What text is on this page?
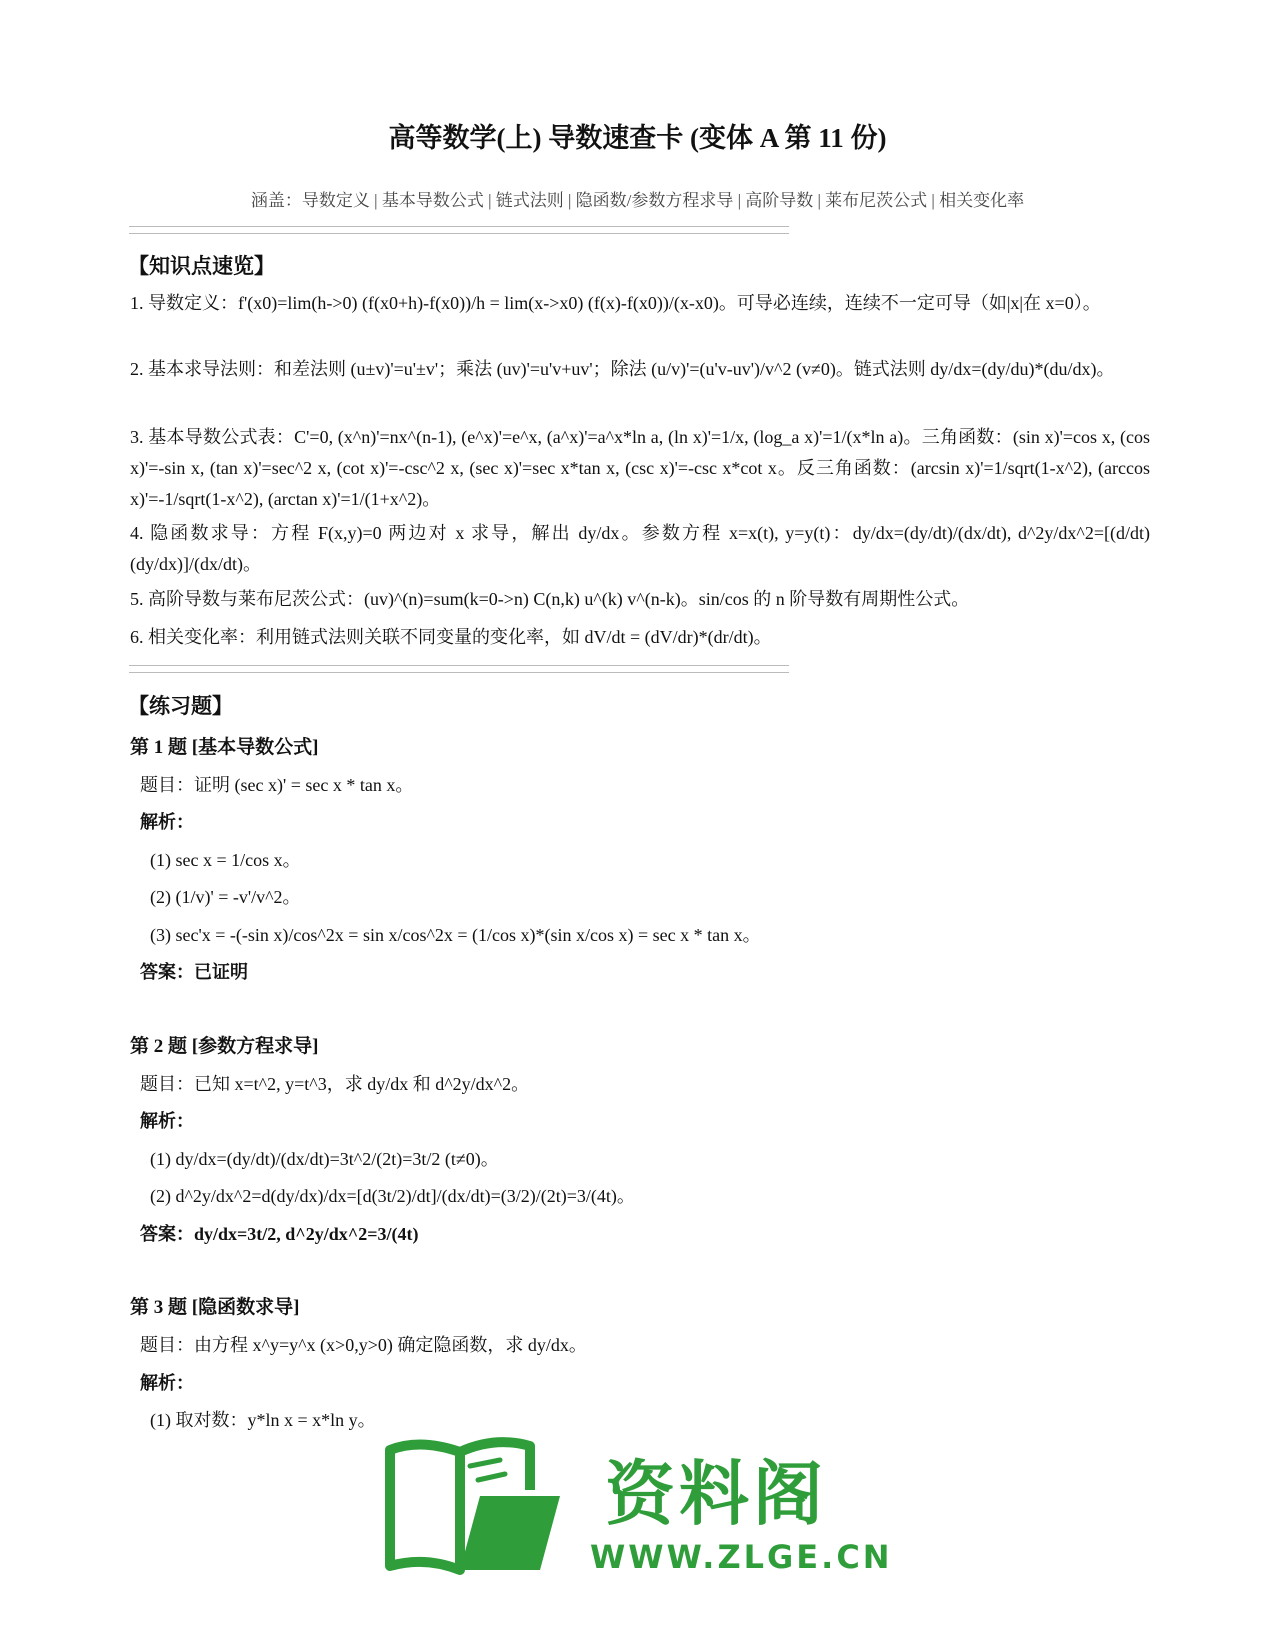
高等数学(上) 导数速查卡 (变体 A 第 11 份)
涵盖：导数定义 | 基本导数公式 | 链式法则 | 隐函数/参数方程求导 | 高阶导数 | 莱布尼茨公式 | 相关变化率
【知识点速览】
1. 导数定义：f'(x0)=lim(h->0) (f(x0+h)-f(x0))/h = lim(x->x0) (f(x)-f(x0))/(x-x0)。可导必连续，连续不一定可导（如|x|在 x=0）。
2. 基本求导法则：和差法则 (u±v)'=u'±v'；乘法 (uv)'=u'v+uv'；除法 (u/v)'=(u'v-uv')/v^2 (v≠0)。链式法则 dy/dx=(dy/du)*(du/dx)。
3. 基本导数公式表：C'=0, (x^n)'=nx^(n-1), (e^x)'=e^x, (a^x)'=a^x*ln a, (ln x)'=1/x, (log_a x)'=1/(x*ln a)。三角函数：(sin x)'=cos x, (cos x)'=-sin x, (tan x)'=sec^2 x, (cot x)'=-csc^2 x, (sec x)'=sec x*tan x, (csc x)'=-csc x*cot x。反三角函数：(arcsin x)'=1/sqrt(1-x^2), (arccos x)'=-1/sqrt(1-x^2), (arctan x)'=1/(1+x^2)。
4. 隐函数求导：方程 F(x,y)=0 两边对 x 求导，解出 dy/dx。参数方程 x=x(t), y=y(t)：dy/dx=(dy/dt)/(dx/dt), d^2y/dx^2=[(d/dt)(dy/dx)]/(dx/dt)。
5. 高阶导数与莱布尼茨公式：(uv)^(n)=sum(k=0->n) C(n,k) u^(k) v^(n-k)。sin/cos 的 n 阶导数有周期性公式。
6. 相关变化率：利用链式法则关联不同变量的变化率，如 dV/dt = (dV/dr)*(dr/dt)。
【练习题】
第 1 题 [基本导数公式]
题目：证明 (sec x)' = sec x * tan x。
解析：
(1) sec x = 1/cos x。
(2) (1/v)' = -v'/v^2。
(3) sec'x = -(-sin x)/cos^2x = sin x/cos^2x = (1/cos x)*(sin x/cos x) = sec x * tan x。
答案：已证明
第 2 题 [参数方程求导]
题目：已知 x=t^2, y=t^3，求 dy/dx 和 d^2y/dx^2。
解析：
(1) dy/dx=(dy/dt)/(dx/dt)=3t^2/(2t)=3t/2 (t≠0)。
(2) d^2y/dx^2=d(dy/dx)/dx=[d(3t/2)/dt]/(dx/dt)=(3/2)/(2t)=3/(4t)。
答案：dy/dx=3t/2, d^2y/dx^2=3/(4t)
第 3 题 [隐函数求导]
题目：由方程 x^y=y^x (x>0,y>0) 确定隐函数，求 dy/dx。
解析：
(1) 取对数：y*ln x = x*ln y。
资料阁
WWW.ZLGE.CN
